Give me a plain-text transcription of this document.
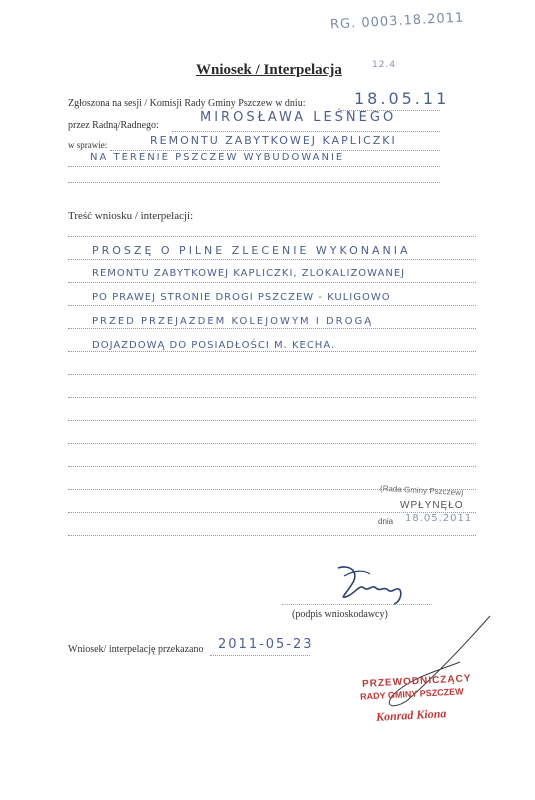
RG. 0003.18.2011
Wniosek / Interpelacja	12.4
Zgłoszona na sesji / Komisji Rady Gminy Pszczew w dniu:	18.05.11
przez Radną/Radnego:
MIROSŁAWA LEŚNEGO
w sprawie:	REMONTU ZABYTKOWEJ KAPLICZKI
NA TERENIE PSZCZEW WYBUDOWANIE
Treść wniosku / interpelacji:
PROSZĘ O PILNE ZLECENIE WYKONANIA
REMONTU ZABYTKOWEJ KAPLICZKI, ZLOKALIZOWANEJ
PO PRAWEJ STRONIE DROGI PSZCZEW - KULIGOWO
PRZED PRZEJAZDEM KOLEJOWYM I DROGĄ
DOJAZDOWĄ DO POSIADŁOŚCI M. KECHA.
(Rada Gminy Pszczew)
WPŁYNĘŁO
dnia 18.05.2011
(podpis wnioskodawcy)
Wniosek/ interpelację przekazano 2011-05-23
PRZEWODNICZĄCY
RADY GMINY PSZCZEW
Konrad Kiona
